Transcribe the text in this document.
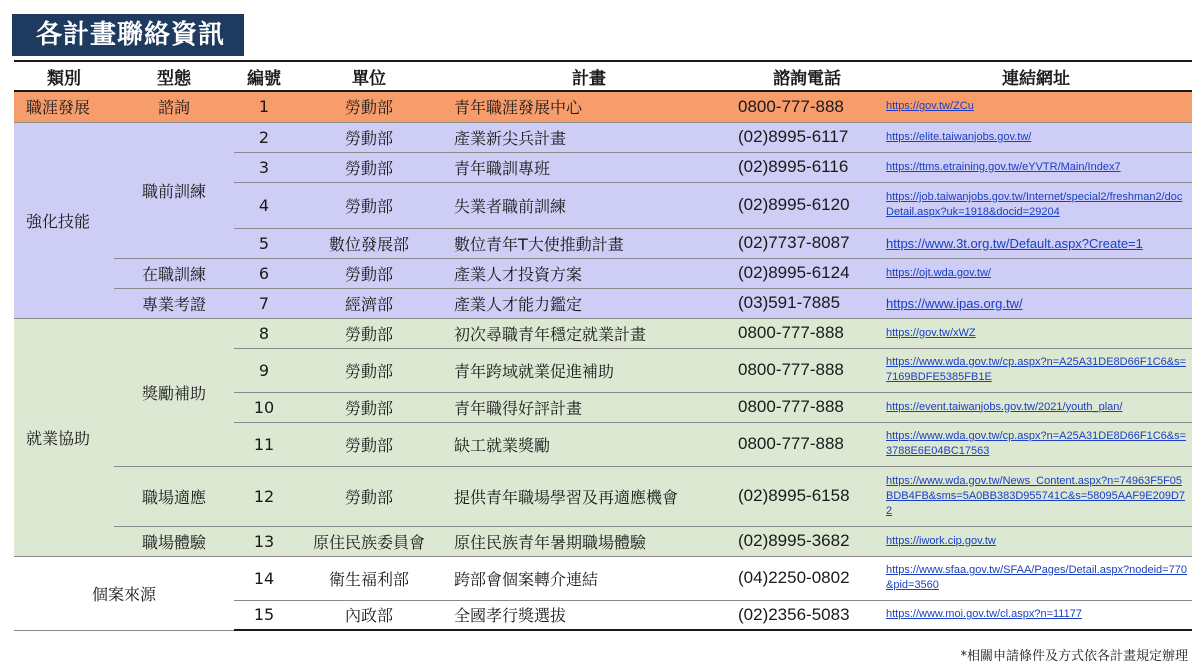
各計畫聯絡資訊
類別	型態	編號	單位	計畫	諮詢電話	連結網址
職涯發展	諮詢	1	勞動部	青年職涯發展中心	0800-777-888	https://gov.tw/ZCu

強化技能	職前訓練	2	勞動部	產業新尖兵計畫	(02)8995-6117	https://elite.taiwanjobs.gov.tw/

		3	勞動部	青年職訓專班	(02)8995-6116	https://ttms.etraining.gov.tw/eYVTR/Main/Index7

		4	勞動部	失業者職前訓練	(02)8995-6120	https://job.taiwanjobs.gov.tw/Internet/special2/freshman2/docDetail.aspx?uk=1918&docid=29204

		5	數位發展部	數位青年T大使推動計畫	(02)7737-8087	https://www.3t.org.tw/Default.aspx?Create=1

	在職訓練	6	勞動部	產業人才投資方案	(02)8995-6124	https://ojt.wda.gov.tw/

	專業考證	7	經濟部	產業人才能力鑑定	(03)591-7885	https://www.ipas.org.tw/

就業協助	獎勵補助	8	勞動部	初次尋職青年穩定就業計畫	0800-777-888	https://gov.tw/xWZ

		9	勞動部	青年跨域就業促進補助	0800-777-888	https://www.wda.gov.tw/cp.aspx?n=A25A31DE8D66F1C6&s=7169BDFE5385FB1E

		10	勞動部	青年職得好評計畫	0800-777-888	https://event.taiwanjobs.gov.tw/2021/youth_plan/

		11	勞動部	缺工就業獎勵	0800-777-888	https://www.wda.gov.tw/cp.aspx?n=A25A31DE8D66F1C6&s=3788E6E04BC17563

	職場適應	12	勞動部	提供青年職場學習及再適應機會	(02)8995-6158	https://www.wda.gov.tw/News_Content.aspx?n=74963F5F05BDB4FB&sms=5A0BB383D955741C&s=58095AAF9E209D72

	職場體驗	13	原住民族委員會	原住民族青年暑期職場體驗	(02)8995-3682	https://iwork.cip.gov.tw

個案來源		14	衛生福利部	跨部會個案轉介連結	(04)2250-0802	https://www.sfaa.gov.tw/SFAA/Pages/Detail.aspx?nodeid=770&pid=3560

		15	內政部	全國孝行獎選拔	(02)2356-5083	https://www.moi.gov.tw/cl.aspx?n=11177
*相關申請條件及方式依各計畫規定辦理
